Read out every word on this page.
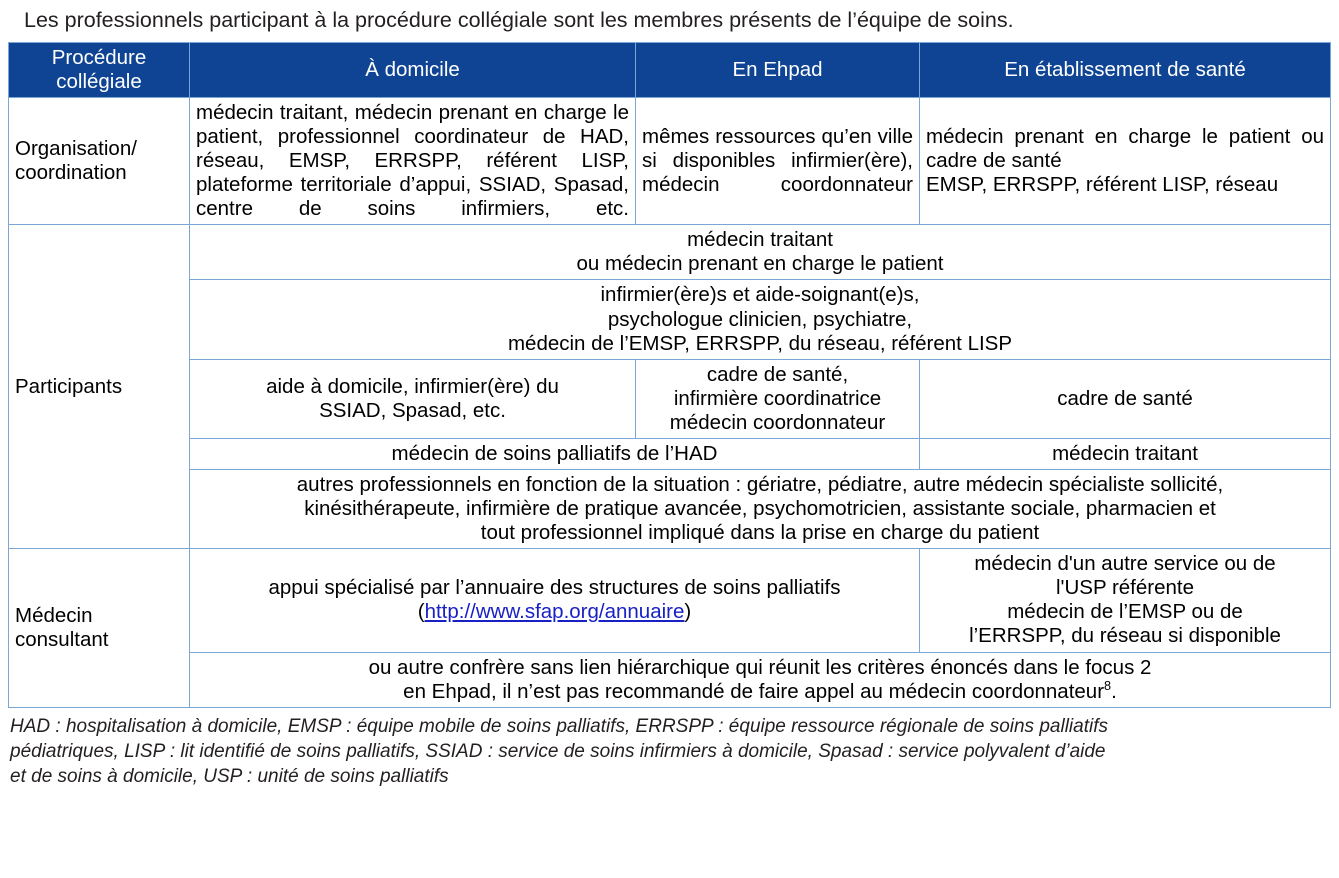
Les professionnels participant à la procédure collégiale sont les membres présents de l’équipe de soins.
Procédure
collégiale	À domicile	En Ehpad	En établissement de santé

Organisation/
coordination	médecin traitant, médecin prenant en charge le patient, professionnel coordinateur de HAD, réseau, EMSP, ERRSPP, référent LISP, plateforme territoriale d’appui, SSIAD, Spasad, centre de soins infirmiers, etc.	mêmes ressources qu’en ville si disponibles infirmier(ère), médecin coordonnateur	médecin prenant en charge le patient ou cadre de santé
EMSP, ERRSPP, référent LISP, réseau

Participants	médecin traitant
ou médecin prenant en charge le patient		

	infirmier(ère)s et aide-soignant(e)s,
psychologue clinicien, psychiatre,
médecin de l’EMSP, ERRSPP, du réseau, référent LISP		

	aide à domicile, infirmier(ère) du
SSIAD, Spasad, etc.	cadre de santé,
infirmière coordinatrice
médecin coordonnateur	cadre de santé
	médecin de soins palliatifs de l’HAD		médecin traitant

	autres professionnels en fonction de la situation : gériatre, pédiatre, autre médecin spécialiste sollicité,
kinésithérapeute, infirmière de pratique avancée, psychomotricien, assistante sociale, pharmacien et
tout professionnel impliqué dans la prise en charge du patient		

Médecin
consultant	appui spécialisé par l’annuaire des structures de soins palliatifs
(http://www.sfap.org/annuaire)		médecin d'un autre service ou de
l'USP référente
médecin de l’EMSP ou de
l’ERRSPP, du réseau si disponible

	ou autre confrère sans lien hiérarchique qui réunit les critères énoncés dans le focus 2
en Ehpad, il n’est pas recommandé de faire appel au médecin coordonnateur$^8$.		
HAD : hospitalisation à domicile, EMSP : équipe mobile de soins palliatifs, ERRSPP : équipe ressource régionale de soins palliatifs
pédiatriques, LISP : lit identifié de soins palliatifs, SSIAD : service de soins infirmiers à domicile, Spasad : service polyvalent d’aide
et de soins à domicile, USP : unité de soins palliatifs
